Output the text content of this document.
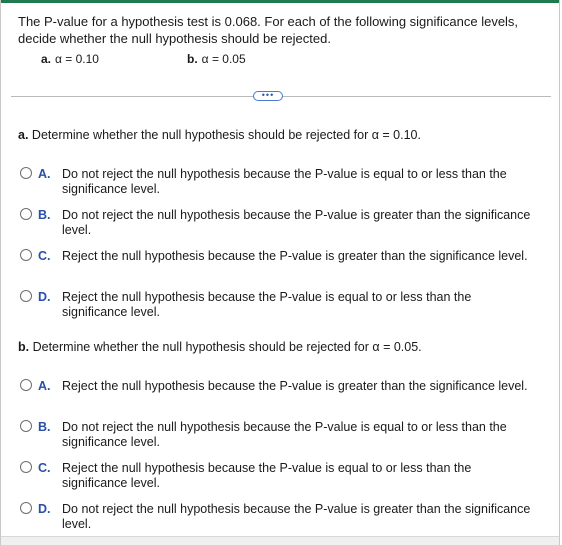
The P-value for a hypothesis test is 0.068. For each of the following significance levels, decide whether the null hypothesis should be rejected.
a. α = 0.10	b. α = 0.05
•••
a. Determine whether the null hypothesis should be rejected for α = 0.10.
A. Do not reject the null hypothesis because the P-value is equal to or less than the significance level.
B. Do not reject the null hypothesis because the P-value is greater than the significance level.
C. Reject the null hypothesis because the P-value is greater than the significance level.
D. Reject the null hypothesis because the P-value is equal to or less than the significance level.
b. Determine whether the null hypothesis should be rejected for α = 0.05.
A. Reject the null hypothesis because the P-value is greater than the significance level.
B. Do not reject the null hypothesis because the P-value is equal to or less than the significance level.
C. Reject the null hypothesis because the P-value is equal to or less than the significance level.
D. Do not reject the null hypothesis because the P-value is greater than the significance level.
